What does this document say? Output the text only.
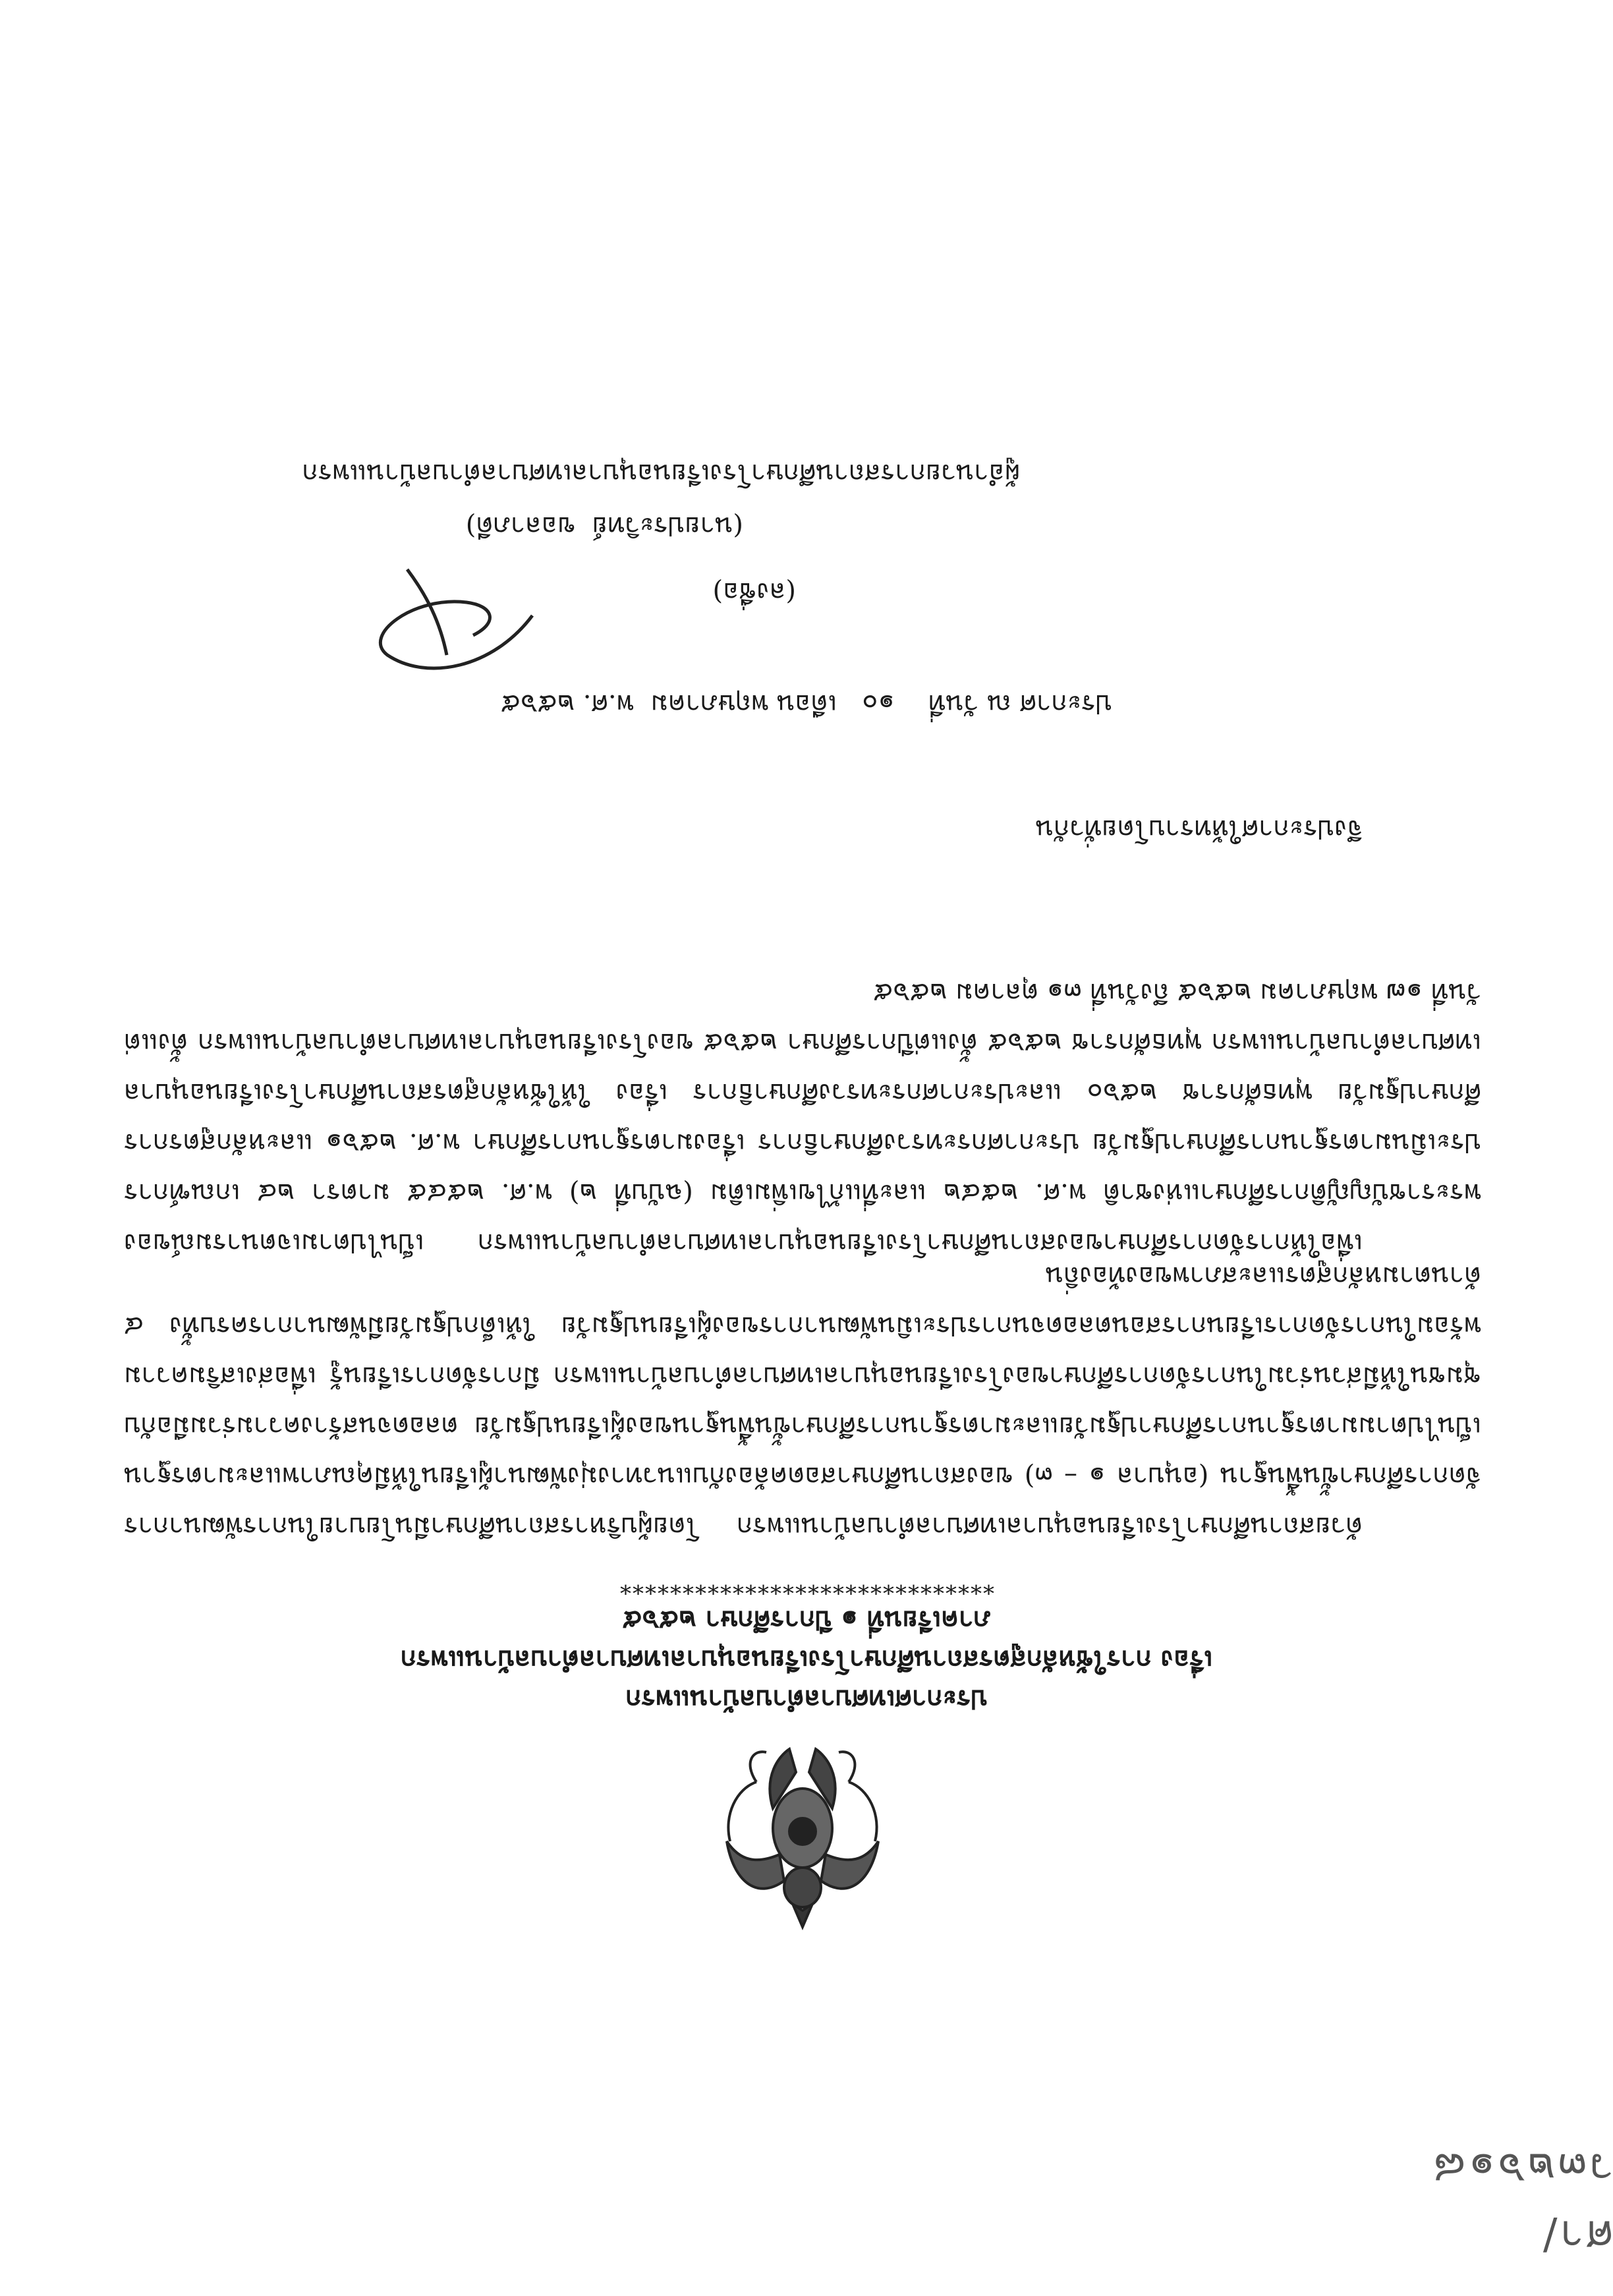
ประกาศเทศบาลตำบลบ้านแพรก
เรื่อง การใช้หลักสูตรสถานศึกษาโรงเรียนอนุบาลเทศบาลตำบลบ้านแพรก
ภาคเรียนที่ ๑ ปีการศึกษา ๒๕๖๕
******************************
ด้วยสถานศึกษาโรงเรียนอนุบาลเทศบาลตำบลบ้านแพรก โดยผู้บริหารสถานศึกษามีนโยบายในการพัฒนาการจัดการศึกษาขั้นพื้นฐาน (อนุบาล ๑ – ๓) ของสถานศึกษาสอดคล้องกับแนวทางมุ่งพัฒนาผู้เรียนให้มีคุณภาพและมาตรฐาน เป็นไปตามมาตรฐานการศึกษาปฐมวัยและมาตรฐานการศึกษาขั้นพื้นฐานของผู้เรียนปฐมวัย ตลอดจนสร้างความร่วมมือกับชุมชนให้มีส่วนร่วมในการจัดการศึกษาของโรงเรียนอนุบาลเทศบาลตำบลบ้านแพรก มีการจัดการเรียนรู้ เพื่อส่งเสริมความพร้อมในการจัดการเรียนการสอนตลอดจนการประเมินพัฒนาการของผู้เรียนปฐมวัย ให้เด็กปฐมวัยมีพัฒนาการครบทั้ง ๔ ด้านตามหลักสูตรและสภาพของท้องถิ่น
เพื่อให้การจัดการศึกษาของสถานศึกษาโรงเรียนอนุบาลเทศบาลตำบลบ้านแพรก เป็นไปตามเจตนารมณ์ของพระราชบัญญัติการศึกษาแห่งชาติ พ.ศ. ๒๕๔๒ และที่แก้ไขเพิ่มเติม (ฉบับที่ ๒) พ.ศ. ๒๕๔๕ มาตรา ๒๔ เกณฑ์การประเมินมาตรฐานการศึกษาปฐมวัย ประกาศกระทรวงศึกษาธิการ เรื่องมาตรฐานการศึกษา พ.ศ. ๒๕๖๑ และหลักสูตรการศึกษาปฐมวัย พุทธศักราช ๒๕๖๐ และประกาศกระทรวงศึกษาธิการ เรื่อง ให้ใช้หลักสูตรสถานศึกษาโรงเรียนอนุบาลเทศบาลตำบลบ้านแพรก พุทธศักราช ๒๕๖๕ ตั้งแต่ปีการศึกษา ๒๕๖๕ ของโรงเรียนอนุบาลเทศบาลตำบลบ้านแพรก ตั้งแต่วันที่ ๑๗ พฤษภาคม ๒๕๖๕ ถึงวันที่ ๓๑ ตุลาคม ๒๕๖๕
จึงประกาศให้ทราบโดยทั่วกัน
ประกาศ ณ วันที่    ๑๐   เดือน พฤษภาคม  พ.ศ. ๒๕๖๕
(ลงชื่อ)
(นายประวิทย์  ขอลาภดี)
ผู้อำนวยการสถานศึกษาโรงเรียนอนุบาลเทศบาลตำบลบ้านแพรก
ศา/ว๓๒๖๑๘
